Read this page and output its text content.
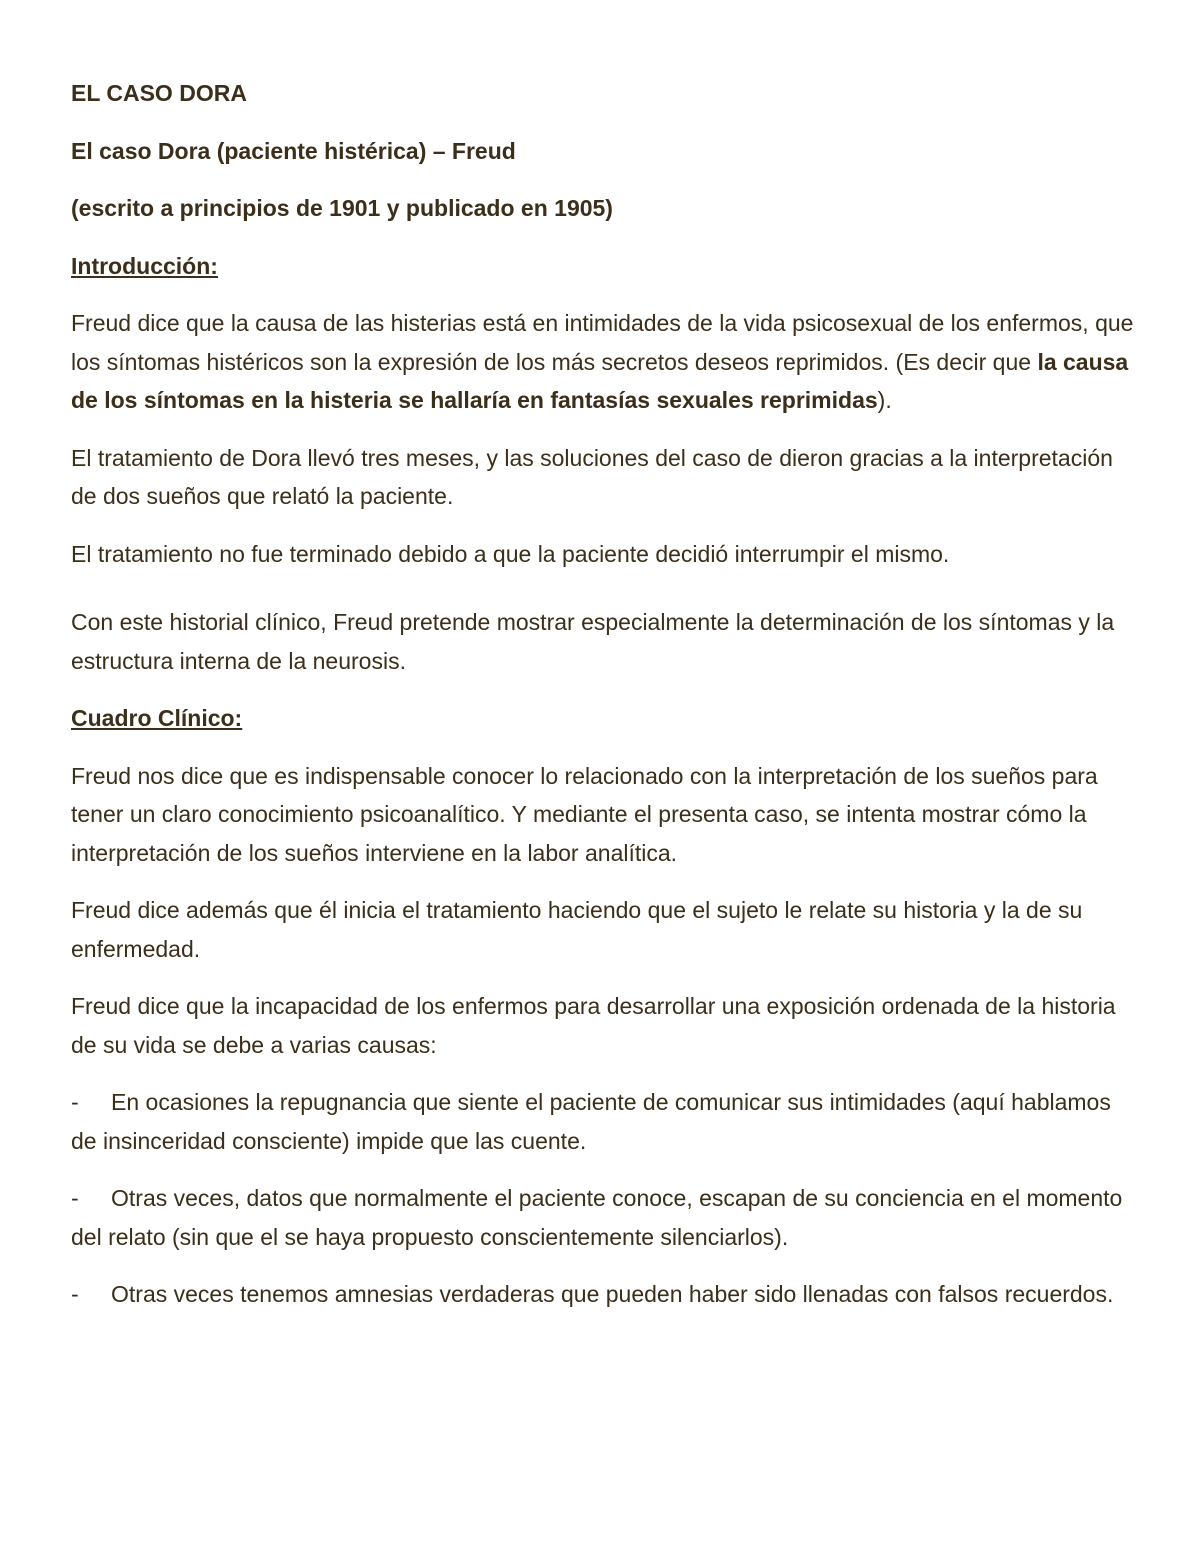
EL CASO DORA

El caso Dora (paciente histérica) – Freud

(escrito a principios de 1901 y publicado en 1905)

Introducción:

Freud dice que la causa de las histerias está en intimidades de la vida psicosexual de los enfermos, que los síntomas histéricos son la expresión de los más secretos deseos reprimidos. (Es decir que la causa de los síntomas en la histeria se hallaría en fantasías sexuales reprimidas).

El tratamiento de Dora llevó tres meses, y las soluciones del caso de dieron gracias a la interpretación de dos sueños que relató la paciente.

El tratamiento no fue terminado debido a que la paciente decidió interrumpir el mismo.

Con este historial clínico, Freud pretende mostrar especialmente la determinación de los síntomas y la estructura interna de la neurosis.

Cuadro Clínico:

Freud nos dice que es indispensable conocer lo relacionado con la interpretación de los sueños para tener un claro conocimiento psicoanalítico. Y mediante el presenta caso, se intenta mostrar cómo la interpretación de los sueños interviene en la labor analítica.

Freud dice además que él inicia el tratamiento haciendo que el sujeto le relate su historia y la de su enfermedad.

Freud dice que la incapacidad de los enfermos para desarrollar una exposición ordenada de la historia de su vida se debe a varias causas:

- En ocasiones la repugnancia que siente el paciente de comunicar sus intimidades (aquí hablamos de insinceridad consciente) impide que las cuente.

- Otras veces, datos que normalmente el paciente conoce, escapan de su conciencia en el momento del relato (sin que el se haya propuesto conscientemente silenciarlos).

- Otras veces tenemos amnesias verdaderas que pueden haber sido llenadas con falsos recuerdos.
